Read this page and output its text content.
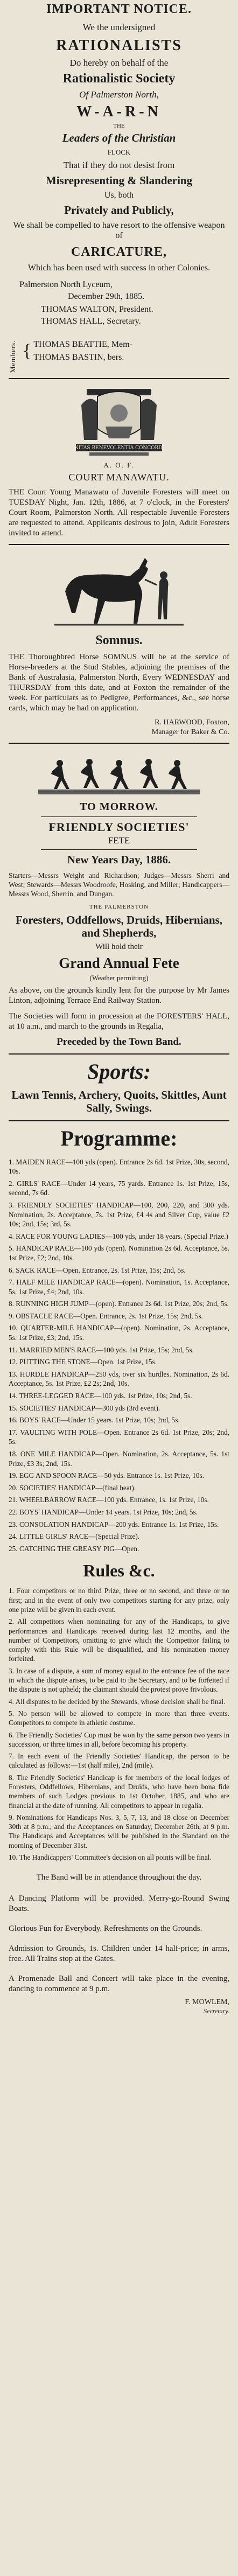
IMPORTANT NOTICE.
We the undersigned
RATIONALISTS
Do hereby on behalf of the
Rationalistic Society
Of Palmerston North,
W-A-R-N
THE
Leaders of the Christian
FLOCK
That if they do not desist from
Misrepresenting & Slandering
Us, both
Privately and Publicly,
We shall be compelled to have resort to the offensive weapon of
CARICATURE,
Which has been used with success in other Colonies.
Palmerston North Lyceum,
December 29th, 1885.
THOMAS WALTON, President.
THOMAS HALL, Secretary.
Members. { THOMAS BEATTIE, Mem-
THOMAS BASTIN, bers.
UNITAS BENEVOLENTIA CONCORDIA
A. O. F.
COURT MANAWATU.

THE Court Young Manawatu of Juvenile Foresters will meet on TUESDAY Night, Jan. 12th, 1886, at 7 o'clock, in the Foresters' Court Room, Palmerston North. All respectable Juvenile Foresters are requested to attend. Applicants desirous to join, Adult Foresters invited to attend.

Somnus.

THE Thoroughbred Horse SOMNUS will be at the service of Horse-breeders at the Stud Stables, adjoining the premises of the Bank of Australasia, Palmerston North, Every WEDNESDAY and THURSDAY from this date, and at Foxton the remainder of the week. For particulars as to Pedigree, Performances, &c., see horse cards, which may be had on application.

R. HARWOOD, Foxton,
Manager for Baker & Co.
TO MORROW.
FRIENDLY SOCIETIES'
FETE
New Years Day, 1886.

Starters—Messrs Weight and Richardson; Judges—Messrs Sherri and West; Stewards—Messrs Woodroofe, Hosking, and Miller; Handicappers—Messrs Wood, Sherrin, and Dungan.

THE PALMERSTON
Foresters, Oddfellows, Druids, Hibernians, and Shepherds,
Will hold their
Grand Annual Fete
(Weather permitting)

As above, on the grounds kindly lent for the purpose by Mr James Linton, adjoining Terrace End Railway Station.

The Societies will form in procession at the FORESTERS' HALL, at 10 a.m., and march to the grounds in Regalia,

Preceded by the Town Band.
Sports:
Lawn Tennis, Archery, Quoits, Skittles, Aunt Sally, Swings.
Programme:

1. MAIDEN RACE—100 yds (open). Entrance 2s 6d. 1st Prize, 30s, second, 10s.

2. GIRLS' RACE—Under 14 years, 75 yards. Entrance 1s. 1st Prize, 15s, second, 7s 6d.

3. FRIENDLY SOCIETIES' HANDICAP—100, 200, 220, and 300 yds. Nomination, 2s. Acceptance, 7s. 1st Prize, £4 4s and Silver Cup, value £2 10s; 2nd, 15s; 3rd, 5s.

4. RACE FOR YOUNG LADIES—100 yds, under 18 years. (Special Prize.)

5. HANDICAP RACE—100 yds (open). Nomination 2s 6d. Acceptance, 5s. 1st Prize, £2; 2nd, 10s.

6. SACK RACE—Open. Entrance, 2s. 1st Prize, 15s; 2nd, 5s.

7. HALF MILE HANDICAP RACE—(open). Nomination, 1s. Acceptance, 5s. 1st Prize, £4; 2nd, 10s.

8. RUNNING HIGH JUMP—(open). Entrance 2s 6d. 1st Prize, 20s; 2nd, 5s.

9. OBSTACLE RACE—Open. Entrance, 2s. 1st Prize, 15s; 2nd, 5s.

10. QUARTER-MILE HANDICAP—(open). Nomination, 2s. Acceptance, 5s. 1st Prize, £3; 2nd, 15s.

11. MARRIED MEN'S RACE—100 yds. 1st Prize, 15s; 2nd, 5s.

12. PUTTING THE STONE—Open. 1st Prize, 15s.

13. HURDLE HANDICAP—250 yds, over six hurdles. Nomination, 2s 6d. Acceptance, 5s. 1st Prize, £2 2s; 2nd, 10s.

14. THREE-LEGGED RACE—100 yds. 1st Prize, 10s; 2nd, 5s.

15. SOCIETIES' HANDICAP—300 yds (3rd event).

16. BOYS' RACE—Under 15 years. 1st Prize, 10s; 2nd, 5s.

17. VAULTING WITH POLE—Open. Entrance 2s 6d. 1st Prize, 20s; 2nd, 5s.

18. ONE MILE HANDICAP—Open. Nomination, 2s. Acceptance, 5s. 1st Prize, £3 3s; 2nd, 15s.

19. EGG AND SPOON RACE—50 yds. Entrance 1s. 1st Prize, 10s.

20. SOCIETIES' HANDICAP—(final heat).

21. WHEELBARROW RACE—100 yds. Entrance, 1s. 1st Prize, 10s.

22. BOYS' HANDICAP—Under 14 years. 1st Prize, 10s; 2nd, 5s.

23. CONSOLATION HANDICAP—200 yds. Entrance 1s. 1st Prize, 15s.

24. LITTLE GIRLS' RACE—(Special Prize).

25. CATCHING THE GREASY PIG—Open.

Rules &c.

1. Four competitors or no third Prize, three or no second, and three or no first; and in the event of only two competitors starting for any prize, only one prize will be given in each event.

2. All competitors when nominating for any of the Handicaps, to give performances and Handicaps received during last 12 months, and the number of Competitors, omitting to give which the Competitor failing to comply with this Rule will be disqualified, and his nomination money forfeited.

3. In case of a dispute, a sum of money equal to the entrance fee of the race in which the dispute arises, to be paid to the Secretary, and to be forfeited if the dispute is not upheld; the claimant should the protest prove frivolous.

4. All disputes to be decided by the Stewards, whose decision shall be final.

5. No person will be allowed to compete in more than three events. Competitors to compete in athletic costume.

6. The Friendly Societies' Cup must be won by the same person two years in succession, or three times in all, before becoming his property.

7. In each event of the Friendly Societies' Handicap, the person to be calculated as follows:—1st (half mile), 2nd (mile).

8. The Friendly Societies' Handicap is for members of the local lodges of Foresters, Oddfellows, Hibernians, and Druids, who have been bona fide members of such Lodges previous to 1st October, 1885, and who are financial at the date of running. All competitors to appear in regalia.

9. Nominations for Handicaps Nos. 3, 5, 7, 13, and 18 close on December 30th at 8 p.m.; and the Acceptances on Saturday, December 26th, at 9 p.m. The Handicaps and Acceptances will be published in the Standard on the morning of December 31st.

10. The Handicappers' Committee's decision on all points will be final.

The Band will be in attendance throughout the day.

A Dancing Platform will be provided. Merry-go-Round Swing Boats.

Glorious Fun for Everybody. Refreshments on the Grounds.

Admission to Grounds, 1s. Children under 14 half-price; in arms, free. All Trains stop at the Gates.

A Promenade Ball and Concert will take place in the evening, dancing to commence at 9 p.m.

F. MOWLEM,
Secretary.
